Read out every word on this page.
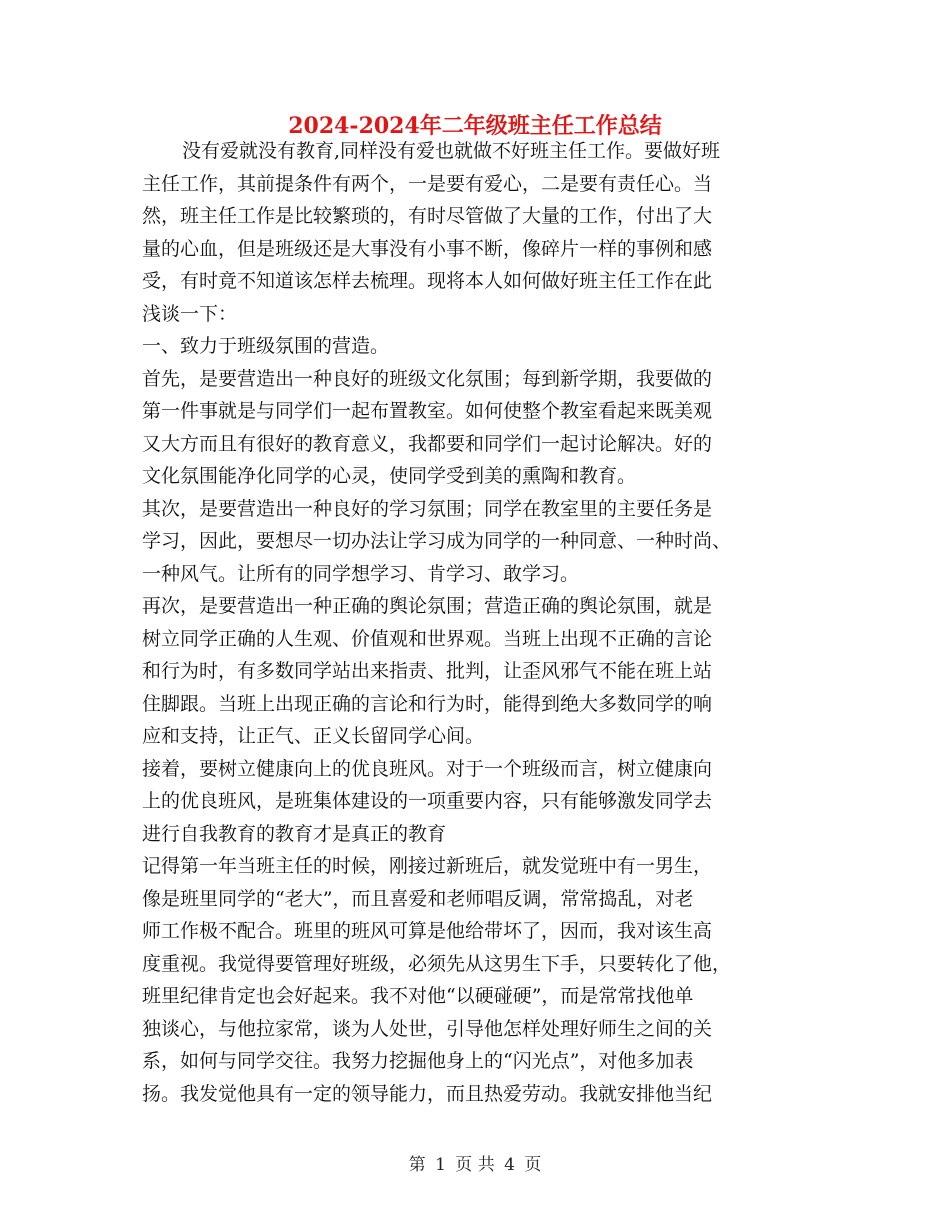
2024-2024年二年级班主任工作总结
没有爱就没有教育,同样没有爱也就做不好班主任工作。要做好班
主任工作，其前提条件有两个，一是要有爱心，二是要有责任心。当
然，班主任工作是比较繁琐的，有时尽管做了大量的工作，付出了大
量的心血，但是班级还是大事没有小事不断，像碎片一样的事例和感
受，有时竟不知道该怎样去梳理。现将本人如何做好班主任工作在此
浅谈一下：
一、致力于班级氛围的营造。
首先，是要营造出一种良好的班级文化氛围；每到新学期，我要做的
第一件事就是与同学们一起布置教室。如何使整个教室看起来既美观
又大方而且有很好的教育意义，我都要和同学们一起讨论解决。好的
文化氛围能净化同学的心灵，使同学受到美的熏陶和教育。
其次，是要营造出一种良好的学习氛围；同学在教室里的主要任务是
学习，因此，要想尽一切办法让学习成为同学的一种同意、一种时尚、
一种风气。让所有的同学想学习、肯学习、敢学习。
再次，是要营造出一种正确的舆论氛围；营造正确的舆论氛围，就是
树立同学正确的人生观、价值观和世界观。当班上出现不正确的言论
和行为时，有多数同学站出来指责、批判，让歪风邪气不能在班上站
住脚跟。当班上出现正确的言论和行为时，能得到绝大多数同学的响
应和支持，让正气、正义长留同学心间。
接着，要树立健康向上的优良班风。对于一个班级而言，树立健康向
上的优良班风，是班集体建设的一项重要内容，只有能够激发同学去
进行自我教育的教育才是真正的教育
记得第一年当班主任的时候，刚接过新班后，就发觉班中有一男生，
像是班里同学的“老大”，而且喜爱和老师唱反调，常常捣乱，对老
师工作极不配合。班里的班风可算是他给带坏了，因而，我对该生高
度重视。我觉得要管理好班级，必须先从这男生下手，只要转化了他，
班里纪律肯定也会好起来。我不对他“以硬碰硬”，而是常常找他单
独谈心，与他拉家常，谈为人处世，引导他怎样处理好师生之间的关
系，如何与同学交往。我努力挖掘他身上的“闪光点”，对他多加表
扬。我发觉他具有一定的领导能力，而且热爱劳动。我就安排他当纪
第 1 页 共 4 页
